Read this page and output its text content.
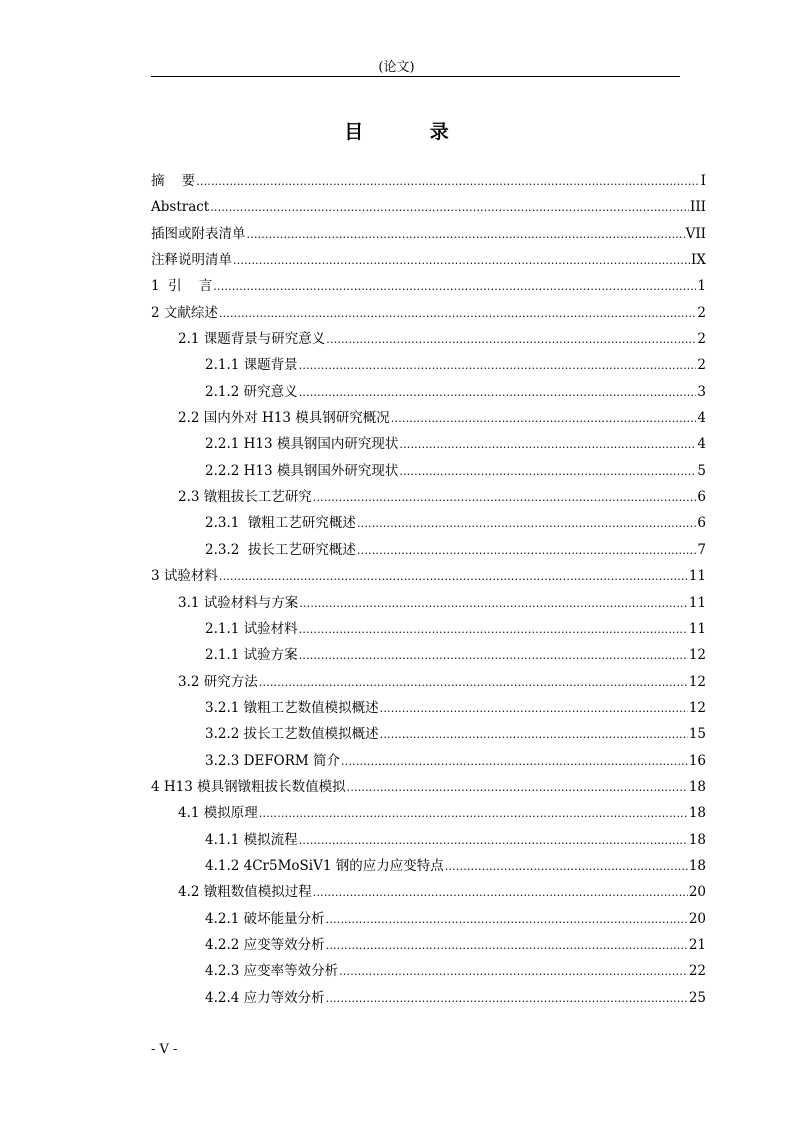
(论文)
目 录
摘    要 .....	I
Abstract .....	III
插图或附表清单 .....	VII
注释说明清单 .....	IX
1  引    言 .....	1
2 文献综述 .....	2
2.1 课题背景与研究意义 .....	2
2.1.1 课题背景 .....	2
2.1.2 研究意义 .....	3
2.2 国内外对 H13 模具钢研究概况 .....	4
2.2.1 H13 模具钢国内研究现状 .....	4
2.2.2 H13 模具钢国外研究现状 .....	5
2.3 镦粗拔长工艺研究 .....	6
2.3.1  镦粗工艺研究概述 .....	6
2.3.2  拔长工艺研究概述 .....	7
3 试验材料 .....	11
3.1 试验材料与方案 .....	11
2.1.1 试验材料 .....	11
2.1.1 试验方案 .....	12
3.2 研究方法 .....	12
3.2.1 镦粗工艺数值模拟概述 .....	12
3.2.2 拔长工艺数值模拟概述 .....	15
3.2.3 DEFORM 简介 .....	16
4 H13 模具钢镦粗拔长数值模拟 .....	18
4.1 模拟原理 .....	18
4.1.1 模拟流程 .....	18
4.1.2 4Cr5MoSiV1 钢的应力应变特点 .....	18
4.2 镦粗数值模拟过程 .....	20
4.2.1 破坏能量分析 .....	20
4.2.2 应变等效分析 .....	21
4.2.3 应变率等效分析 .....	22
4.2.4 应力等效分析 .....	25
- V -
